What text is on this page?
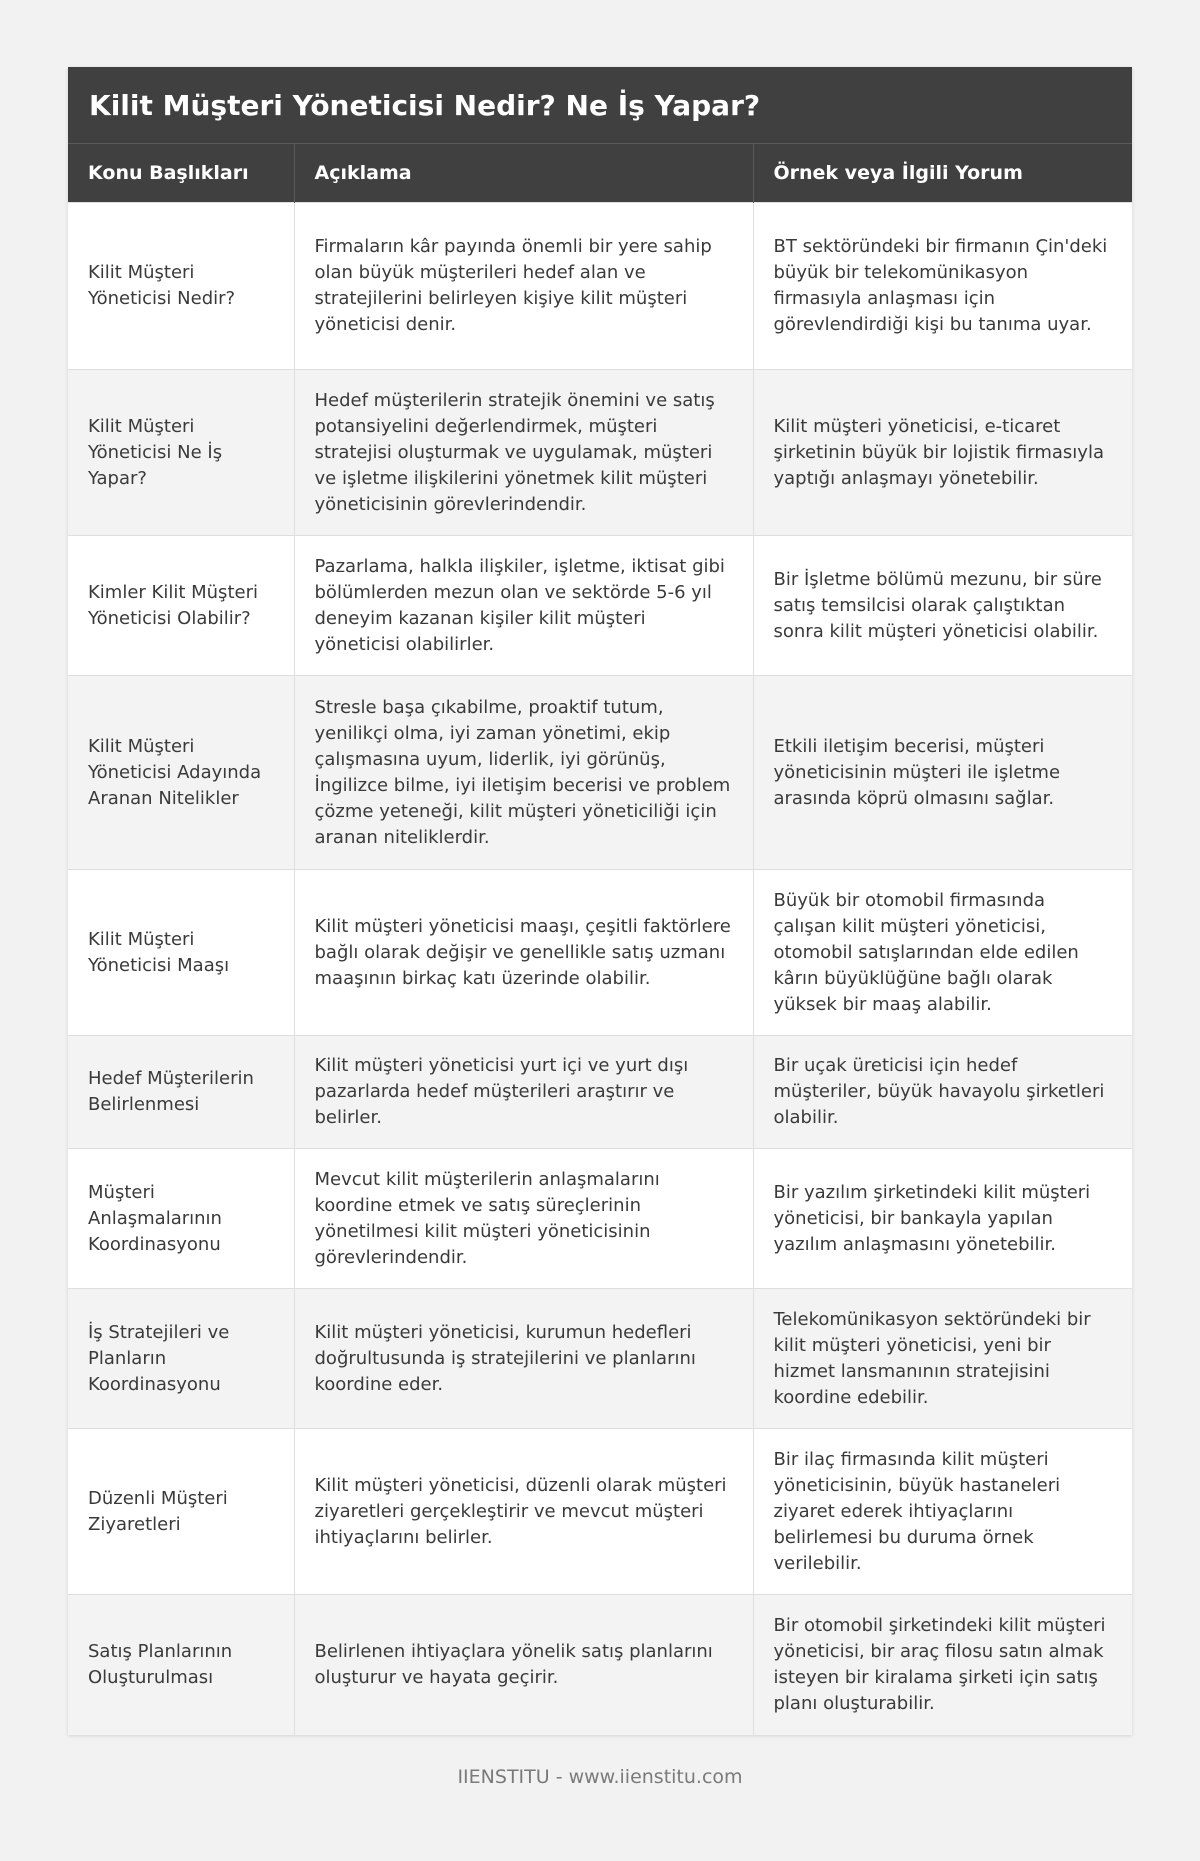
Kilit Müşteri Yöneticisi Nedir? Ne İş Yapar?
Konu Başlıkları	Açıklama	Örnek veya İlgili Yorum
Kilit Müşteri Yöneticisi Nedir?	Firmaların kâr payında önemli bir yere sahip olan büyük müşterileri hedef alan ve stratejilerini belirleyen kişiye kilit müşteri yöneticisi denir.	BT sektöründeki bir firmanın Çin'deki büyük bir telekomünikasyon firmasıyla anlaşması için görevlendirdiği kişi bu tanıma uyar.
Kilit Müşteri Yöneticisi Ne İş Yapar?	Hedef müşterilerin stratejik önemini ve satış potansiyelini değerlendirmek, müşteri stratejisi oluşturmak ve uygulamak, müşteri ve işletme ilişkilerini yönetmek kilit müşteri yöneticisinin görevlerindendir.	Kilit müşteri yöneticisi, e-ticaret şirketinin büyük bir lojistik firmasıyla yaptığı anlaşmayı yönetebilir.
Kimler Kilit Müşteri Yöneticisi Olabilir?	Pazarlama, halkla ilişkiler, işletme, iktisat gibi bölümlerden mezun olan ve sektörde 5-6 yıl deneyim kazanan kişiler kilit müşteri yöneticisi olabilirler.	Bir İşletme bölümü mezunu, bir süre satış temsilcisi olarak çalıştıktan sonra kilit müşteri yöneticisi olabilir.
Kilit Müşteri Yöneticisi Adayında Aranan Nitelikler	Stresle başa çıkabilme, proaktif tutum, yenilikçi olma, iyi zaman yönetimi, ekip çalışmasına uyum, liderlik, iyi görünüş, İngilizce bilme, iyi iletişim becerisi ve problem çözme yeteneği, kilit müşteri yöneticiliği için aranan niteliklerdir.	Etkili iletişim becerisi, müşteri yöneticisinin müşteri ile işletme arasında köprü olmasını sağlar.
Kilit Müşteri Yöneticisi Maaşı	Kilit müşteri yöneticisi maaşı, çeşitli faktörlere bağlı olarak değişir ve genellikle satış uzmanı maaşının birkaç katı üzerinde olabilir.	Büyük bir otomobil firmasında çalışan kilit müşteri yöneticisi, otomobil satışlarından elde edilen kârın büyüklüğüne bağlı olarak yüksek bir maaş alabilir.
Hedef Müşterilerin Belirlenmesi	Kilit müşteri yöneticisi yurt içi ve yurt dışı pazarlarda hedef müşterileri araştırır ve belirler.	Bir uçak üreticisi için hedef müşteriler, büyük havayolu şirketleri olabilir.
Müşteri Anlaşmalarının Koordinasyonu	Mevcut kilit müşterilerin anlaşmalarını koordine etmek ve satış süreçlerinin yönetilmesi kilit müşteri yöneticisinin görevlerindendir.	Bir yazılım şirketindeki kilit müşteri yöneticisi, bir bankayla yapılan yazılım anlaşmasını yönetebilir.
İş Stratejileri ve Planların Koordinasyonu	Kilit müşteri yöneticisi, kurumun hedefleri doğrultusunda iş stratejilerini ve planlarını koordine eder.	Telekomünikasyon sektöründeki bir kilit müşteri yöneticisi, yeni bir hizmet lansmanının stratejisini koordine edebilir.
Düzenli Müşteri Ziyaretleri	Kilit müşteri yöneticisi, düzenli olarak müşteri ziyaretleri gerçekleştirir ve mevcut müşteri ihtiyaçlarını belirler.	Bir ilaç firmasında kilit müşteri yöneticisinin, büyük hastaneleri ziyaret ederek ihtiyaçlarını belirlemesi bu duruma örnek verilebilir.
Satış Planlarının Oluşturulması	Belirlenen ihtiyaçlara yönelik satış planlarını oluşturur ve hayata geçirir.	Bir otomobil şirketindeki kilit müşteri yöneticisi, bir araç filosu satın almak isteyen bir kiralama şirketi için satış planı oluşturabilir.
IIENSTITU - www.iienstitu.com
